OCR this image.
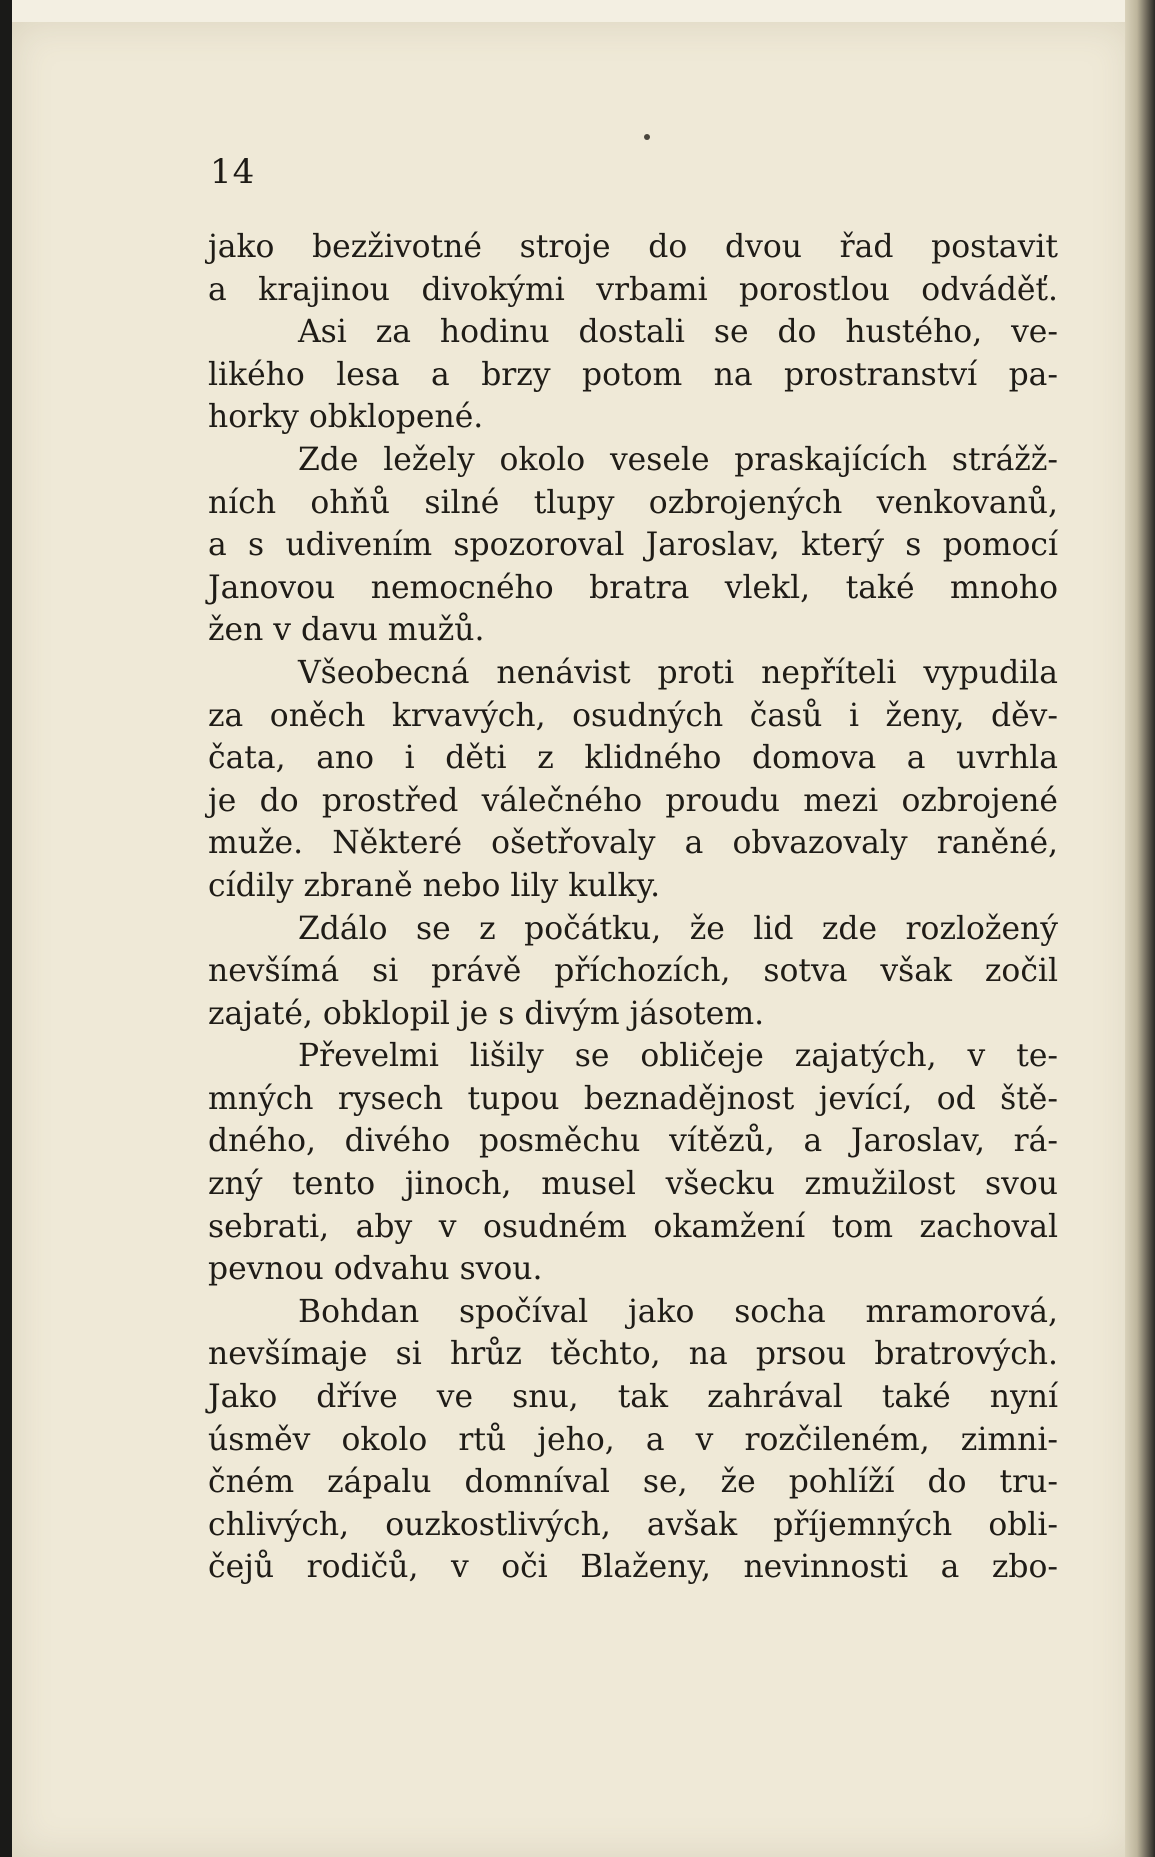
14
jako bezživotné stroje do dvou řad postavit
a krajinou divokými vrbami porostlou odváděť.
Asi za hodinu dostali se do hustého, ve-
likého lesa a brzy potom na prostranství pa-
horky obklopené.
Zde ležely okolo vesele praskajících strážž-
ních ohňů silné tlupy ozbrojených venkovanů,
a s udivením spozoroval Jaroslav, který s pomocí
Janovou nemocného bratra vlekl, také mnoho
žen v davu mužů.
Všeobecná nenávist proti nepříteli vypudila
za oněch krvavých, osudných časů i ženy, děv-
čata, ano i děti z klidného domova a uvrhla
je do prostřed válečného proudu mezi ozbrojené
muže. Některé ošetřovaly a obvazovaly raněné,
cídily zbraně nebo lily kulky.
Zdálo se z počátku, že lid zde rozložený
nevšímá si právě příchozích, sotva však zočil
zajaté, obklopil je s divým jásotem.
Převelmi lišily se obličeje zajatých, v te-
mných rysech tupou beznadějnost jevící, od ště-
dného, divého posměchu vítězů, a Jaroslav, rá-
zný tento jinoch, musel všecku zmužilost svou
sebrati, aby v osudném okamžení tom zachoval
pevnou odvahu svou.
Bohdan spočíval jako socha mramorová,
nevšímaje si hrůz těchto, na prsou bratrových.
Jako dříve ve snu, tak zahrával také nyní
úsměv okolo rtů jeho, a v rozčileném, zimni-
čném zápalu domníval se, že pohlíží do tru-
chlivých, ouzkostlivých, avšak příjemných obli-
čejů rodičů, v oči Blaženy, nevinnosti a zbo-
